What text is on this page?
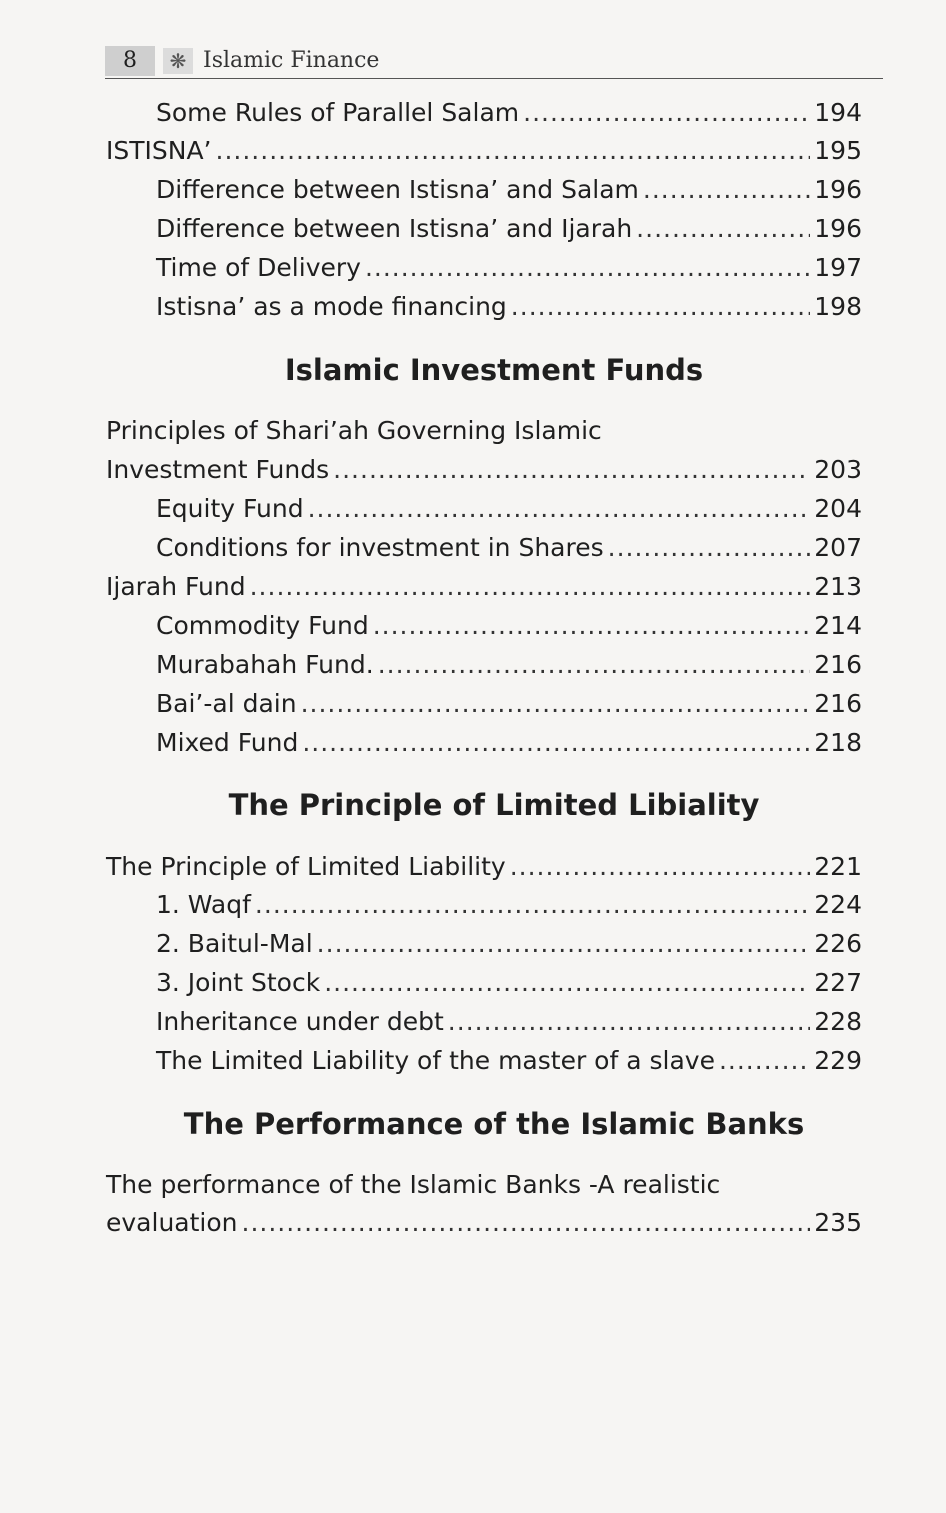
8	❋ Islamic Finance
Some Rules of Parallel Salam .....	194
ISTISNA’ .....	195
Difference between Istisna’ and Salam .....	196
Difference between Istisna’ and Ijarah .....	196
Time of Delivery .....	197
Istisna’ as a mode financing .....	198
Islamic Investment Funds
Principles of Shari’ah Governing Islamic
Investment Funds .....	203
Equity Fund .....	204
Conditions for investment in Shares .....	207
Ijarah Fund .....	213
Commodity Fund .....	214
Murabahah Fund. .....	216
Bai’-al dain .....	216
Mixed Fund .....	218
The Principle of Limited Libiality
The Principle of Limited Liability .....	221
1. Waqf .....	224
2. Baitul-Mal .....	226
3. Joint Stock .....	227
Inheritance under debt .....	228
The Limited Liability of the master of a slave .....	229
The Performance of the Islamic Banks
The performance of the Islamic Banks -A realistic
evaluation .....	235
